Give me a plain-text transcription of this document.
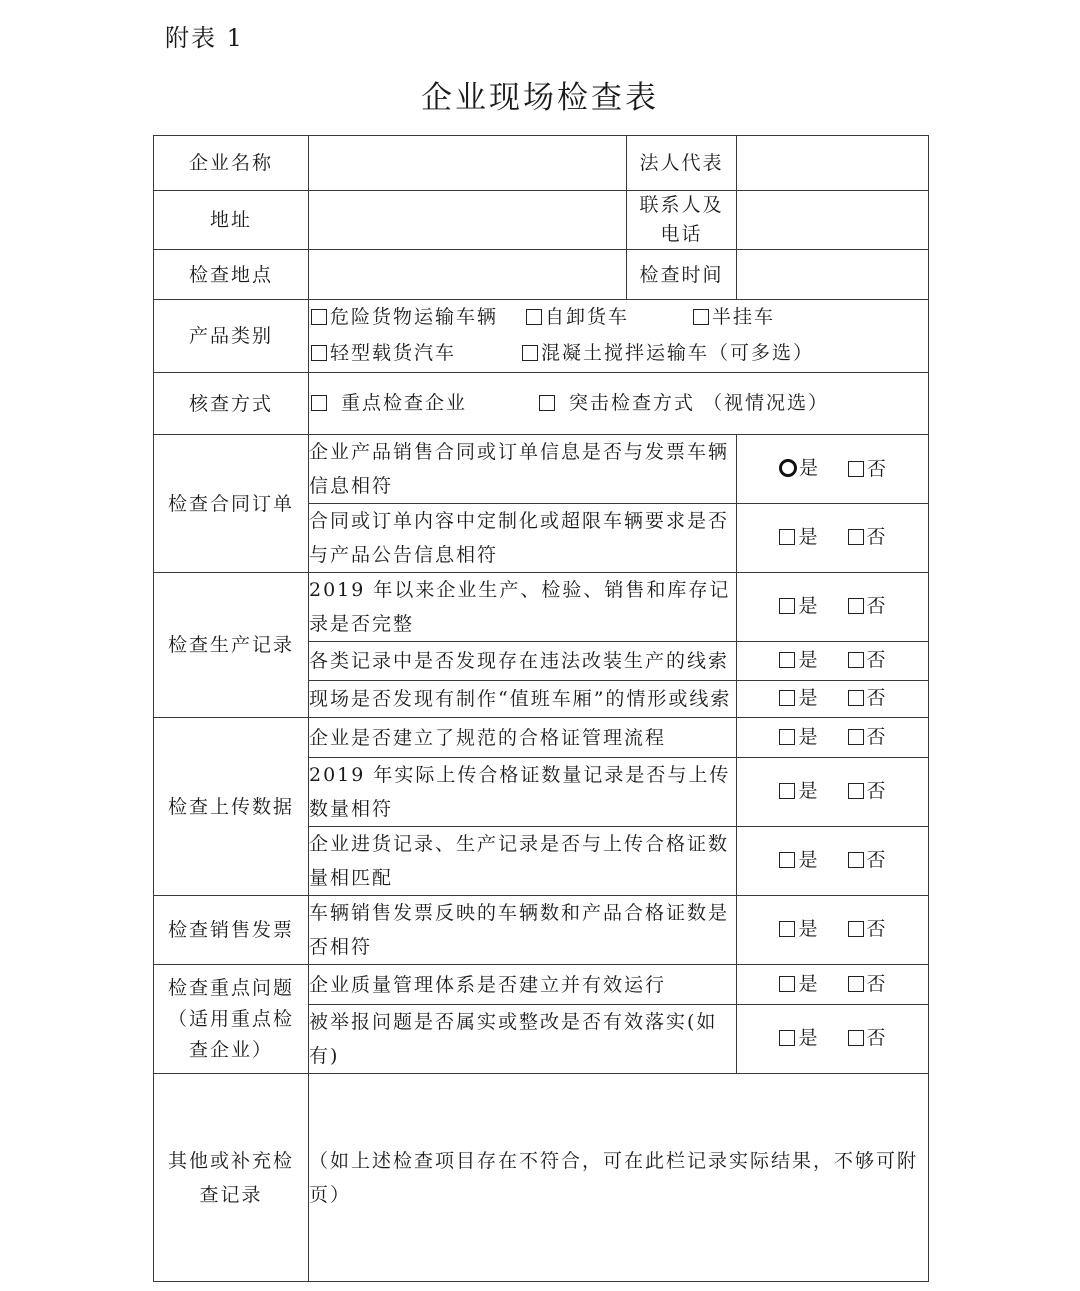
附表 1
企业现场检查表
企业名称		法人代表	
地址		联系人及
电话	

检查地点		检查时间	
产品类别	危险货物运输车辆 自卸货车 半挂车
轻型载货汽车 混凝土搅拌运输车（可多选）		

核查方式	重点检查企业 突击检查方式 （视情况选）		

检查合同订单	企业产品销售合同或订单信息是否与发票车辆信息相符		是 否

	合同或订单内容中定制化或超限车辆要求是否与产品公告信息相符		是 否

检查生产记录	2019 年以来企业生产、检验、销售和库存记录是否完整		是 否

	各类记录中是否发现存在违法改装生产的线索		是 否

	现场是否发现有制作“值班车厢”的情形或线索		是 否

检查上传数据	企业是否建立了规范的合格证管理流程		是 否

	2019 年实际上传合格证数量记录是否与上传数量相符		是 否

	企业进货记录、生产记录是否与上传合格证数量相匹配		是 否

检查销售发票	车辆销售发票反映的车辆数和产品合格证数是否相符		是 否

检查重点问题
（适用重点检
查企业）	企业质量管理体系是否建立并有效运行		是 否

	被举报问题是否属实或整改是否有效落实(如有)		是 否

其他或补充检
查记录	（如上述检查项目存在不符合，可在此栏记录实际结果，不够可附页）		
